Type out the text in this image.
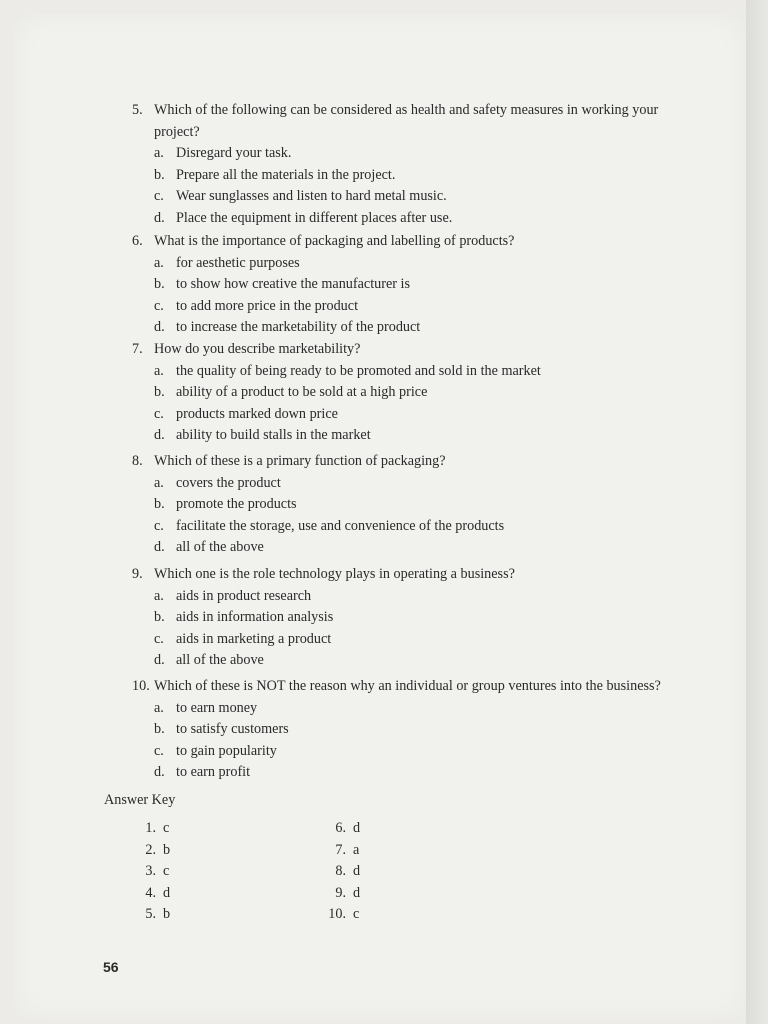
5. Which of the following can be considered as health and safety measures in working your project?
a. Disregard your task.
b. Prepare all the materials in the project.
c. Wear sunglasses and listen to hard metal music.
d. Place the equipment in different places after use.
6. What is the importance of packaging and labelling of products?
a. for aesthetic purposes
b. to show how creative the manufacturer is
c. to add more price in the product
d. to increase the marketability of the product
7. How do you describe marketability?
a. the quality of being ready to be promoted and sold in the market
b. ability of a product to be sold at a high price
c. products marked down price
d. ability to build stalls in the market
8. Which of these is a primary function of packaging?
a. covers the product
b. promote the products
c. facilitate the storage, use and convenience of the products
d. all of the above
9. Which one is the role technology plays in operating a business?
a. aids in product research
b. aids in information analysis
c. aids in marketing a product
d. all of the above
10. Which of these is NOT the reason why an individual or group ventures into the business?
a. to earn money
b. to satisfy customers
c. to gain popularity
d. to earn profit
Answer Key
1. c
2. b
3. c
4. d
5. b
6. d
7. a
8. d
9. d
10. c
56
